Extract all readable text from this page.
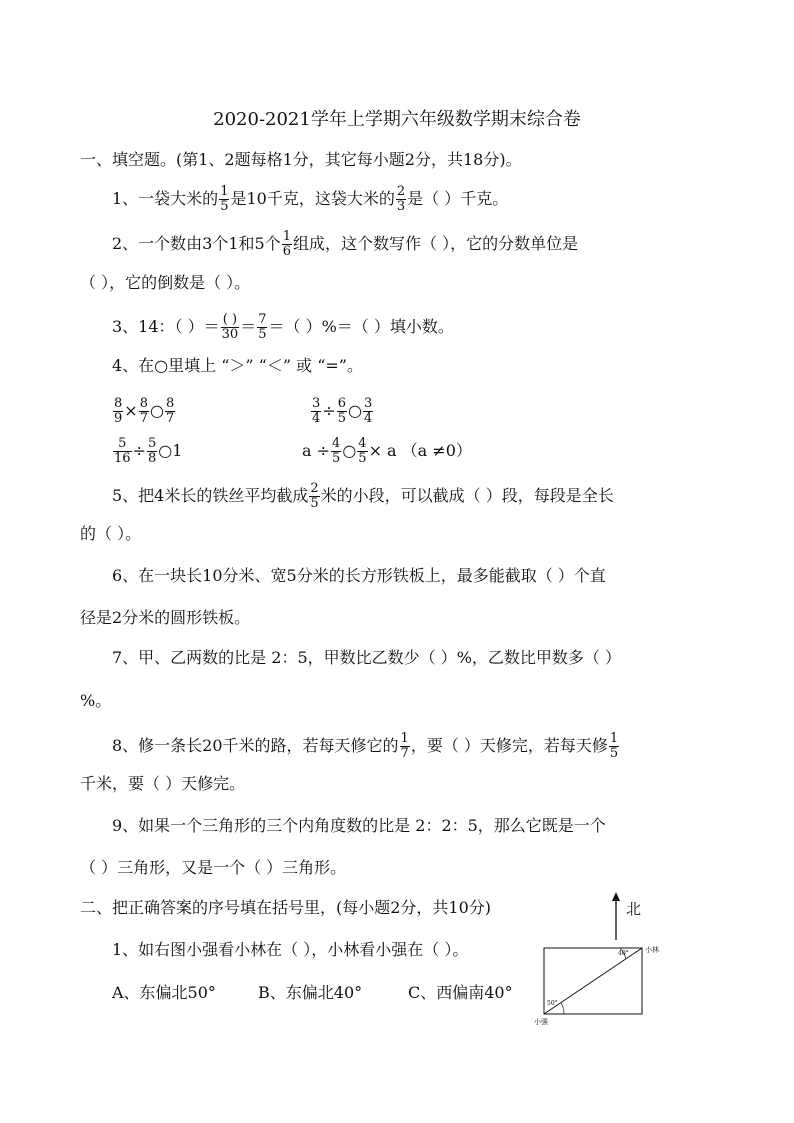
2020-2021学年上学期六年级数学期末综合卷
一、填空题。(第1、2题每格1分，其它每小题2分，共18分)。
1、一袋大米的 $\frac{1}{5}$ 是10千克，这袋大米的 $\frac{2}{3}$ 是（ ）千克。
2、一个数由3个1和5个 $\frac{1}{6}$ 组成，这个数写作（ ），它的分数单位是
（ ），它的倒数是（ ）。
3、14：（ ）＝ $\frac{( )}{30} = \frac{7}{5}$ ＝（ ）%＝（ ）填小数。
4、在○里填上 “＞” “＜” 或 “=”。
$\frac{8}{9} \times \frac{8}{7}$ ○ $\frac{8}{7}$	$\frac{3}{4} \div \frac{6}{5}$ ○ $\frac{3}{4}$
$\frac{5}{16} \div \frac{5}{8}$ ○1	$a \div \frac{4}{5}$ ○ $\frac{4}{5} \times a$ （a ≠0）
5、把4米长的铁丝平均截成 $\frac{2}{5}$ 米的小段，可以截成（ ）段，每段是全长
的（ ）。
6、在一块长10分米、宽5分米的长方形铁板上，最多能截取（ ）个直
径是2分米的圆形铁板。
7、甲、乙两数的比是 2：5，甲数比乙数少（ ）%，乙数比甲数多（ ）
%。
8、修一条长20千米的路，若每天修它的 $\frac{1}{7}$ ，要（ ）天修完，若每天修 $\frac{1}{5}$
千米，要（ ）天修完。
9、如果一个三角形的三个内角度数的比是 2：2：5，那么它既是一个
（ ）三角形，又是一个（ ）三角形。
二、把正确答案的序号填在括号里，(每小题2分，共10分)
1、如右图小强看小林在（ ），小林看小强在（ ）。
A、东偏北50°	B、东偏北40°	C、西偏南40°
北
小林
40°
50°
小强
